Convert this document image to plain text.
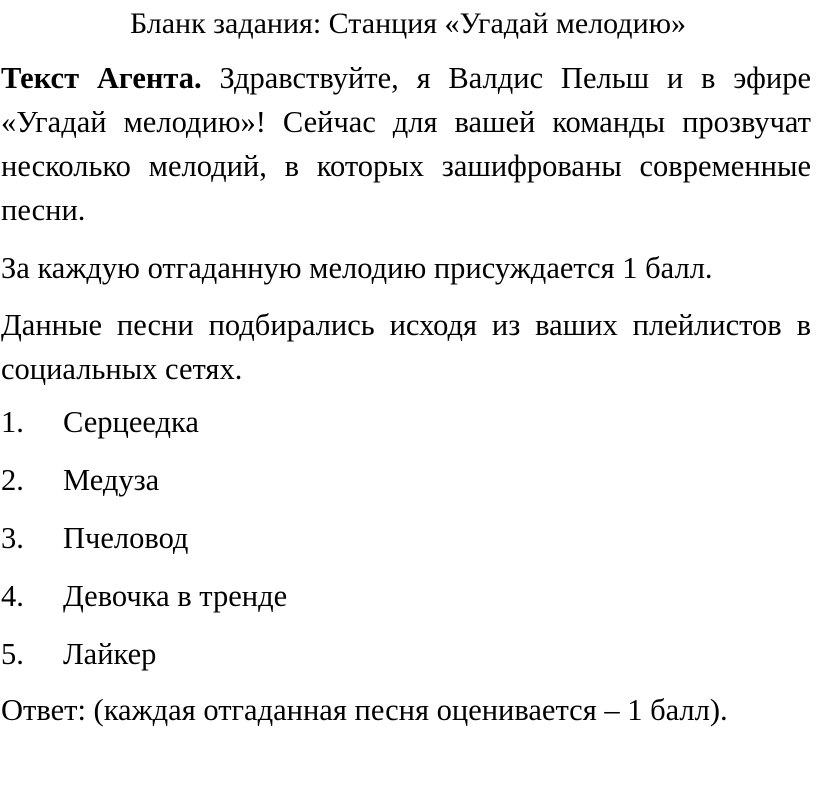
Бланк задания: Станция «Угадай мелодию»

Текст Агента. Здравствуйте, я Валдис Пельш и в эфире «Угадай мелодию»! Сейчас для вашей команды прозвучат несколько мелодий, в которых зашифрованы современные песни.

За каждую отгаданную мелодию присуждается 1 балл.

Данные песни подбирались исходя из ваших плейлистов в социальных сетях.

1. Серцеедка
2. Медуза
3. Пчеловод
4. Девочка в тренде
5. Лайкер

Ответ: (каждая отгаданная песня оценивается – 1 балл).
